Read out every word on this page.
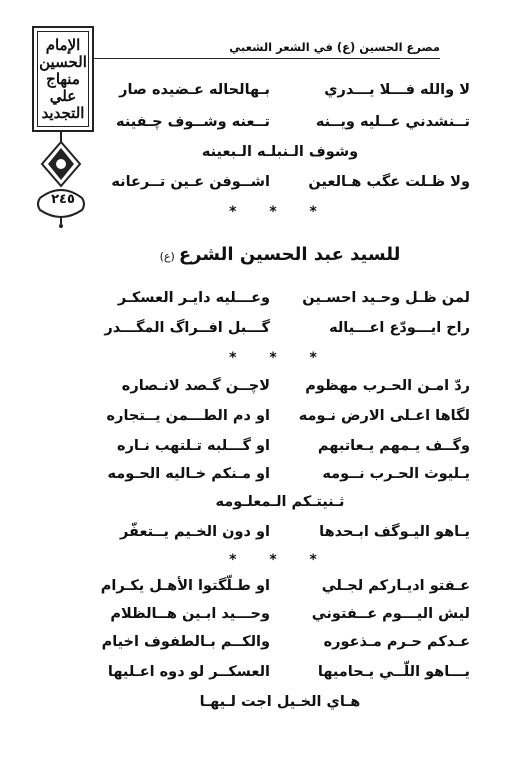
مصرع الحسين (ع) في الشعر الشعبي
الإمام
الحسين
منهاج
علي
التجديد
٢٤٥
لا والله فـــلا يـــدري
بـهالحاله عـضيده صار
تــنشدني عــليه ويــنه
تــعنه وشــوف چـفينه
وشوف الـنبلـه الـبعينه
ولا ظـلت عگب هـالعين
اشــوفن عـين تــرعانه
* * *
للسيد عبد الحسين الشرع(ع)
لمن ظـل وحـيد احسـين
وعـــليه دايـر العسكـر
راح ايـــودّع اعـــياله
گـــبل افــراگ المگـــدر
* * *
ردّ امـن الحـرب مهظوم
لاچــن گـصد لانـصاره
لگاها اعـلى الارض نـومه
او دم الطـــمن يــتجاره
وگــف يـمهم يـعاتبهم
او گـــلبه تـلتهب نـاره
يـليوث الحـرب نــومه
او مـنكم خـاليه الحـومه
ثـنيتـكم الـمعلـومه
يـاهو اليـوگف ابـحدها
او دون الخـيم يــتعفّر
* * *
عـفتو اديـاركم لجـلي
او طـلّگتوا الأهـل يكـرام
ليش اليـــوم عــفتوني
وحـــيد ابـين هــالظلام
عـدكم حـرم مـذعوره
والكــم بـالطفوف اخيام
يـــاهو اللّــي يـحاميها
العسكــر لو دوه اعـليها
هـاي الخـيل اجت لـيهـا
